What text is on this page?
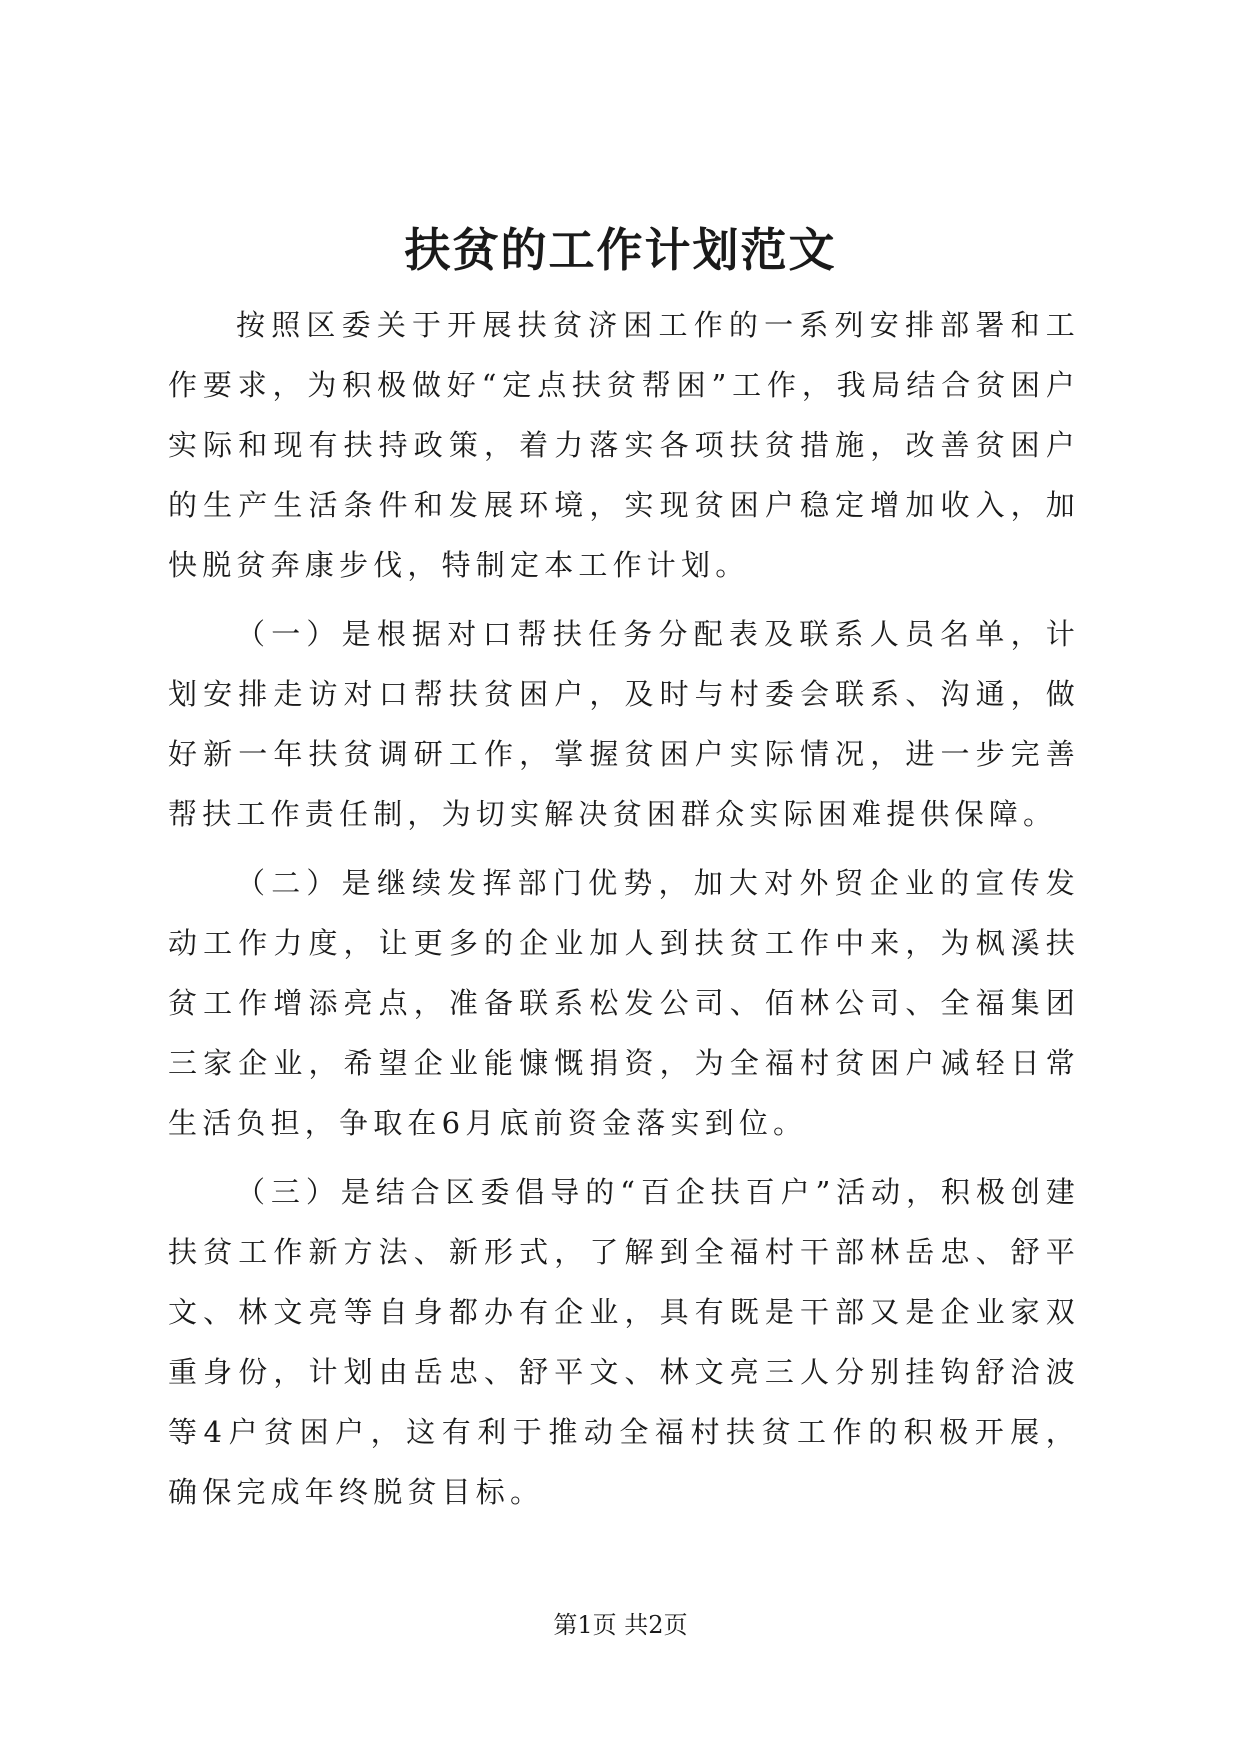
扶贫的工作计划范文

按照区委关于开展扶贫济困工作的一系列安排部署和工作要求，为积极做好“定点扶贫帮困”工作，我局结合贫困户实际和现有扶持政策，着力落实各项扶贫措施，改善贫困户的生产生活条件和发展环境，实现贫困户稳定增加收入，加快脱贫奔康步伐，特制定本工作计划。

（一）是根据对口帮扶任务分配表及联系人员名单，计划安排走访对口帮扶贫困户，及时与村委会联系、沟通，做好新一年扶贫调研工作，掌握贫困户实际情况，进一步完善帮扶工作责任制，为切实解决贫困群众实际困难提供保障。

（二）是继续发挥部门优势，加大对外贸企业的宣传发动工作力度，让更多的企业加人到扶贫工作中来，为枫溪扶贫工作增添亮点，准备联系松发公司、佰林公司、全福集团三家企业，希望企业能慷慨捐资，为全福村贫困户减轻日常生活负担，争取在6月底前资金落实到位。

（三）是结合区委倡导的“百企扶百户”活动，积极创建扶贫工作新方法、新形式，了解到全福村干部林岳忠、舒平文、林文亮等自身都办有企业，具有既是干部又是企业家双重身份，计划由岳忠、舒平文、林文亮三人分别挂钩舒洽波等4户贫困户，这有利于推动全福村扶贫工作的积极开展，确保完成年终脱贫目标。

第1页 共2页
